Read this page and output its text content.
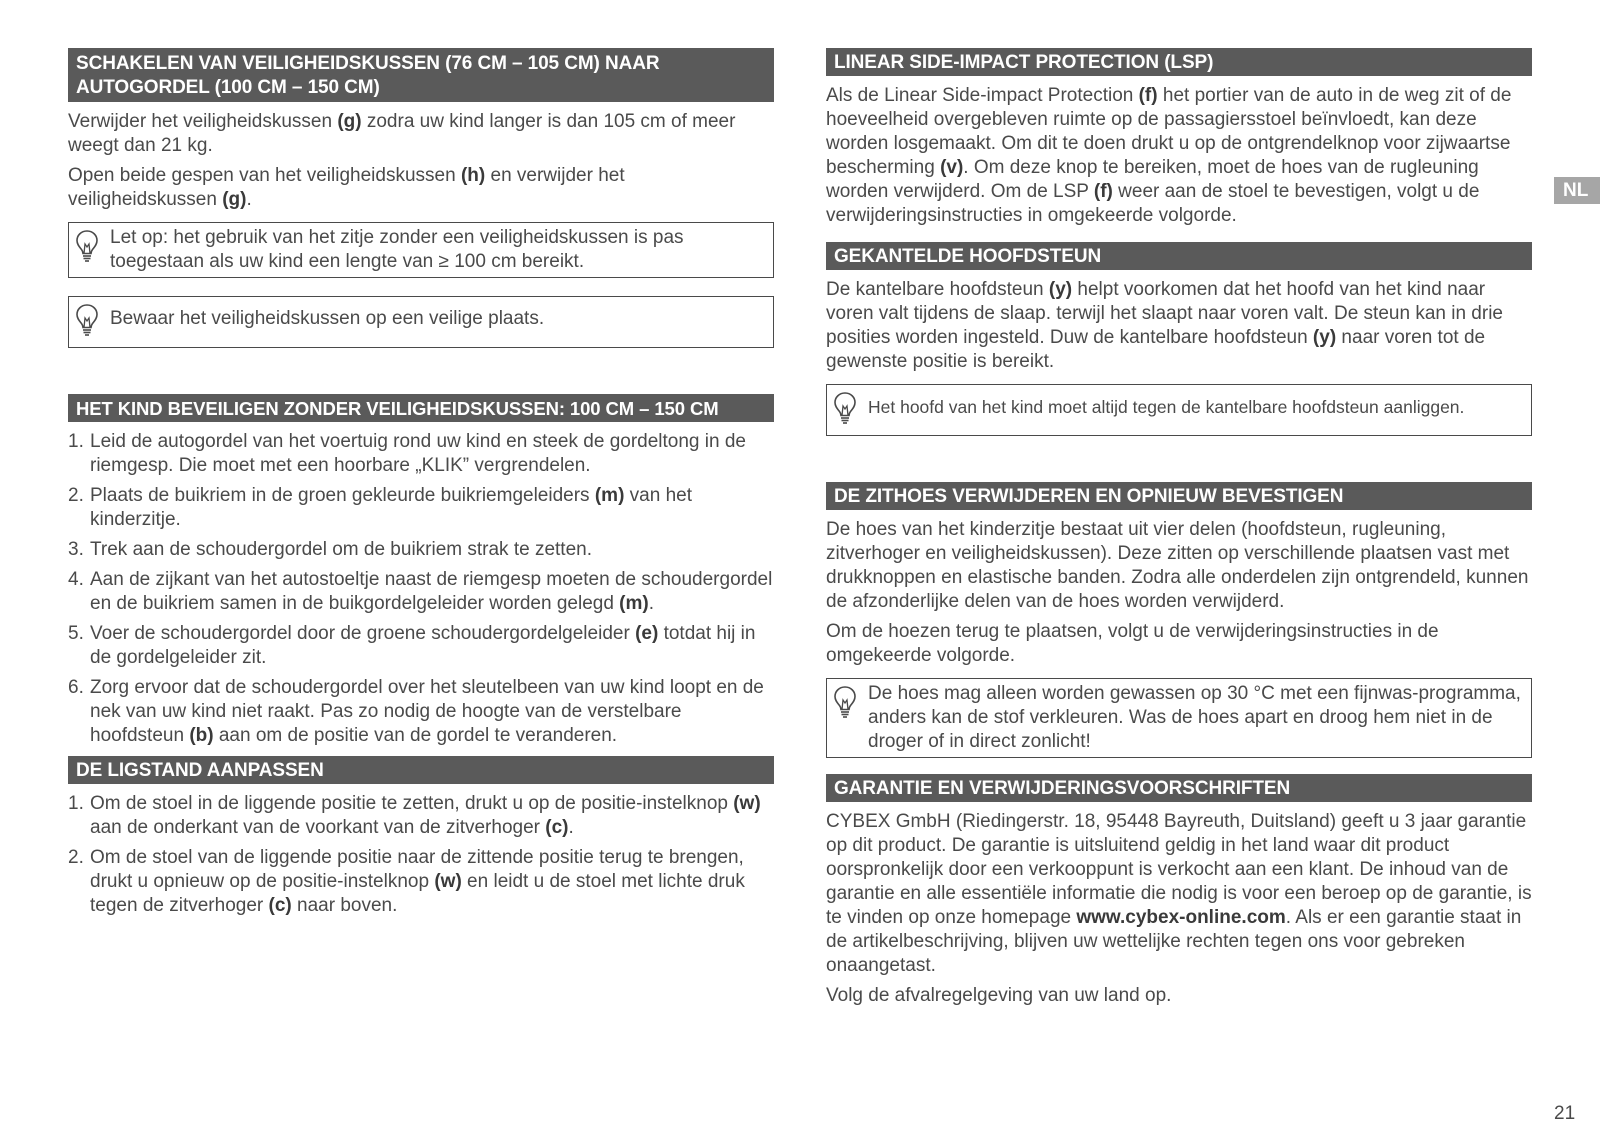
SCHAKELEN VAN VEILIGHEIDSKUSSEN (76 CM – 105 CM) NAAR AUTOGORDEL (100 CM – 150 CM)

Verwijder het veiligheidskussen (g) zodra uw kind langer is dan 105 cm of meer weegt dan 21 kg.

Open beide gespen van het veiligheidskussen (h) en verwijder het veiligheidskussen (g).

Let op: het gebruik van het zitje zonder een veiligheidskussen is pas toegestaan als uw kind een lengte van ≥ 100 cm bereikt.
Bewaar het veiligheidskussen op een veilige plaats.
HET KIND BEVEILIGEN ZONDER VEILIGHEIDSKUSSEN: 100 CM – 150 CM
1. Leid de autogordel van het voertuig rond uw kind en steek de gordeltong in de riemgesp. Die moet met een hoorbare „KLIK” vergrendelen.
2. Plaats de buikriem in de groen gekleurde buikriemgeleiders (m) van het kinderzitje.
3. Trek aan de schoudergordel om de buikriem strak te zetten.
4. Aan de zijkant van het autostoeltje naast de riemgesp moeten de schoudergordel en de buikriem samen in de buikgordelgeleider worden gelegd (m).
5. Voer de schoudergordel door de groene schoudergordelgeleider (e) totdat hij in de gordelgeleider zit.
6. Zorg ervoor dat de schoudergordel over het sleutelbeen van uw kind loopt en de nek van uw kind niet raakt. Pas zo nodig de hoogte van de verstelbare hoofdsteun (b) aan om de positie van de gordel te veranderen.
DE LIGSTAND AANPASSEN
1. Om de stoel in de liggende positie te zetten, drukt u op de positie-instelknop (w) aan de onderkant van de voorkant van de zitverhoger (c).
2. Om de stoel van de liggende positie naar de zittende positie terug te brengen, drukt u opnieuw op de positie-instelknop (w) en leidt u de stoel met lichte druk tegen de zitverhoger (c) naar boven.
LINEAR SIDE-IMPACT PROTECTION (LSP)

Als de Linear Side-impact Protection (f) het portier van de auto in de weg zit of de hoeveelheid overgebleven ruimte op de passagiersstoel beïnvloedt, kan deze worden losgemaakt. Om dit te doen drukt u op de ontgrendelknop voor zijwaartse bescherming (v). Om deze knop te bereiken, moet de hoes van de rugleuning worden verwijderd. Om de LSP (f) weer aan de stoel te bevestigen, volgt u de verwijderingsinstructies in omgekeerde volgorde.

GEKANTELDE HOOFDSTEUN

De kantelbare hoofdsteun (y) helpt voorkomen dat het hoofd van het kind naar voren valt tijdens de slaap. terwijl het slaapt naar voren valt. De steun kan in drie posities worden ingesteld. Duw de kantelbare hoofdsteun (y) naar voren tot de gewenste positie is bereikt.

Het hoofd van het kind moet altijd tegen de kantelbare hoofdsteun aanliggen.
DE ZITHOES VERWIJDEREN EN OPNIEUW BEVESTIGEN

De hoes van het kinderzitje bestaat uit vier delen (hoofdsteun, rugleuning, zitverhoger en veiligheidskussen). Deze zitten op verschillende plaatsen vast met drukknoppen en elastische banden. Zodra alle onderdelen zijn ontgrendeld, kunnen de afzonderlijke delen van de hoes worden verwijderd.

Om de hoezen terug te plaatsen, volgt u de verwijderingsinstructies in de omgekeerde volgorde.

De hoes mag alleen worden gewassen op 30 °C met een fijnwas-programma, anders kan de stof verkleuren. Was de hoes apart en droog hem niet in de droger of in direct zonlicht!
GARANTIE EN VERWIJDERINGSVOORSCHRIFTEN

CYBEX GmbH (Riedingerstr. 18, 95448 Bayreuth, Duitsland) geeft u 3 jaar garantie op dit product. De garantie is uitsluitend geldig in het land waar dit product oorspronkelijk door een verkooppunt is verkocht aan een klant. De inhoud van de garantie en alle essentiële informatie die nodig is voor een beroep op de garantie, is te vinden op onze homepage www.cybex-online.com. Als er een garantie staat in de artikelbeschrijving, blijven uw wettelijke rechten tegen ons voor gebreken onaangetast.

Volg de afvalregelgeving van uw land op.

NL
21
